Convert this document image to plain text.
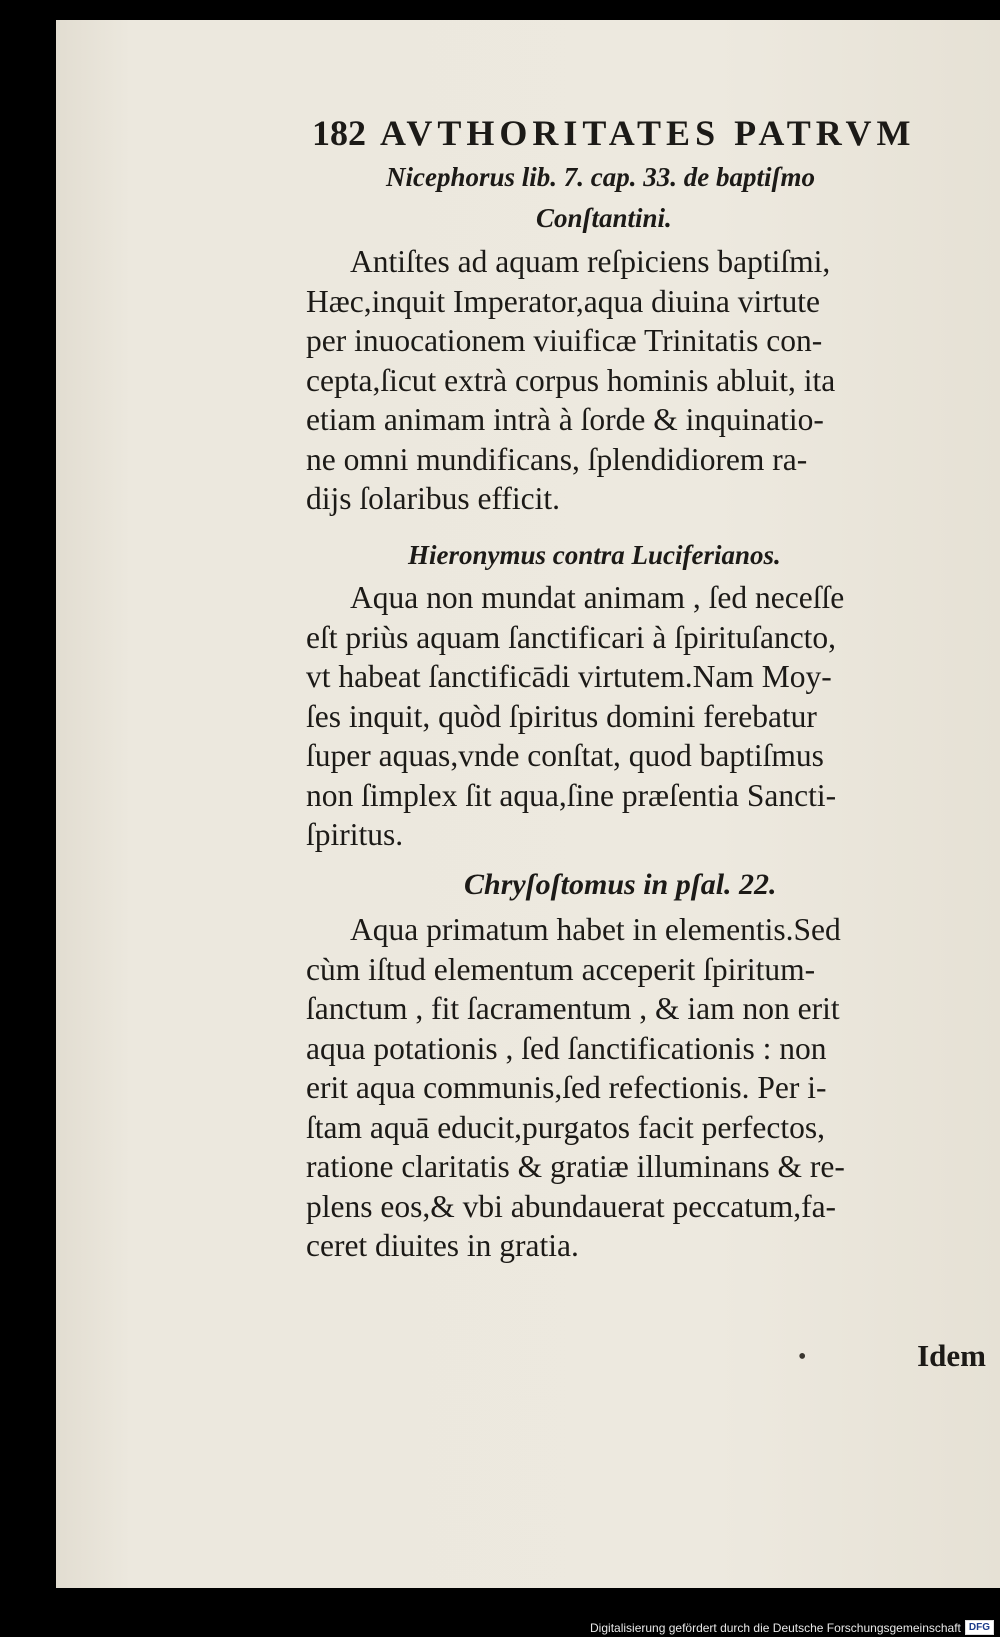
182 AVTHORITATES PATRVM
Nicephorus lib. 7. cap. 33. de baptiſmo
Conſtantini.
Antiſtes ad aquam reſpiciens baptiſmi,
Hæc,inquit Imperator,aqua diuina virtute
per inuocationem viuificæ Trinitatis con-
cepta,ſicut extrà corpus hominis abluit, ita
etiam animam intrà à ſorde & inquinatio-
ne omni mundificans, ſplendidiorem ra-
dijs ſolaribus efficit.
Hieronymus contra Luciferianos.
Aqua non mundat animam , ſed neceſſe
eſt priùs aquam ſanctificari à ſpirituſancto,
vt habeat ſanctificādi virtutem.Nam Moy-
ſes inquit, quòd ſpiritus domini ferebatur
ſuper aquas,vnde conſtat, quod baptiſmus
non ſimplex ſit aqua,ſine præſentia Sancti-
ſpiritus.
Chryſoſtomus in pſal. 22.
Aqua primatum habet in elementis.Sed
cùm iſtud elementum acceperit ſpiritum-
ſanctum , fit ſacramentum , & iam non erit
aqua potationis , ſed ſanctificationis : non
erit aqua communis,ſed refectionis. Per i-
ſtam aquā educit,purgatos facit perfectos,
ratione claritatis & gratiæ illuminans & re-
plens eos,& vbi abundauerat peccatum,fa-
ceret diuites in gratia.
•	Idem
Digitalisierung gefördert durch die Deutsche Forschungsgemeinschaft DFG
